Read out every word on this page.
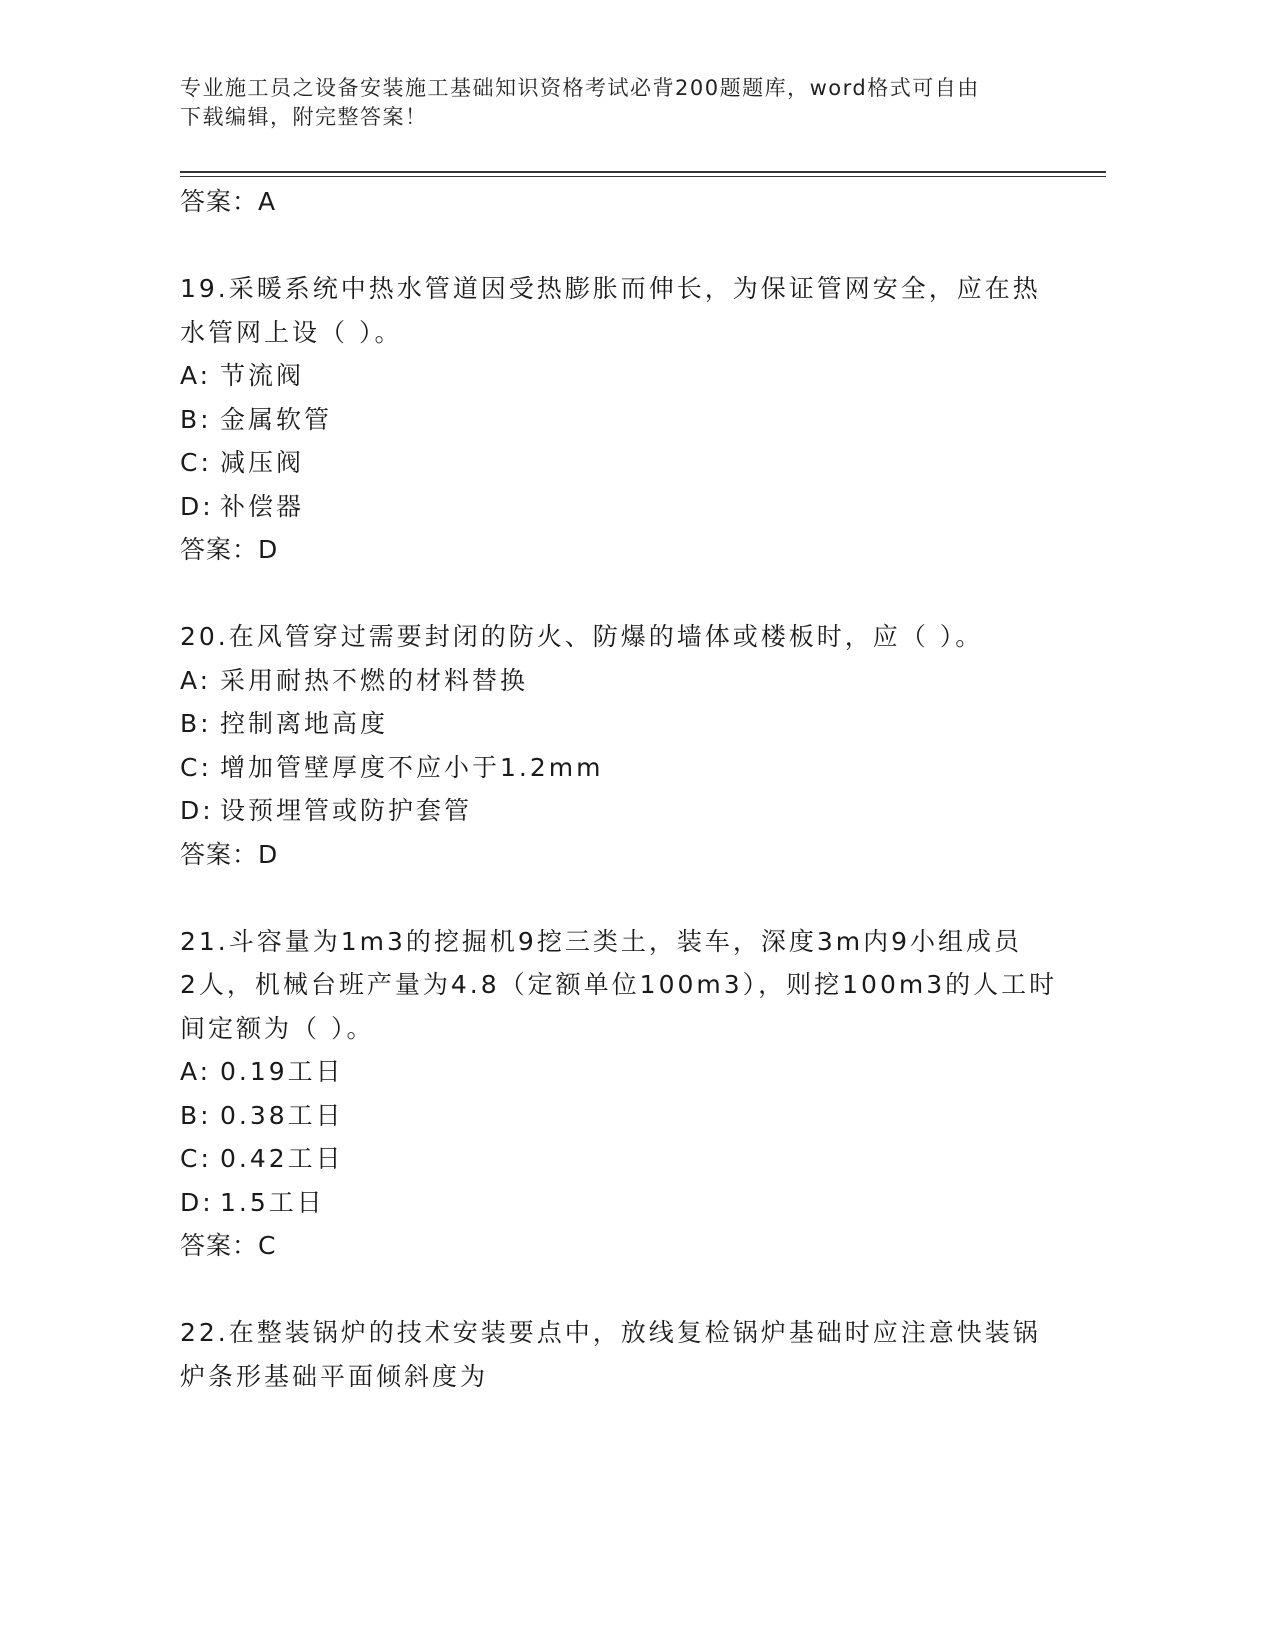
专业施工员之设备安装施工基础知识资格考试必背200题题库，word格式可自由
下载编辑，附完整答案！
答案：A
19.采暖系统中热水管道因受热膨胀而伸长，为保证管网安全，应在热
水管网上设（ ）。
A: 节流阀
B: 金属软管
C: 减压阀
D: 补偿器
答案：D
20.在风管穿过需要封闭的防火、防爆的墙体或楼板时，应（ ）。
A: 采用耐热不燃的材料替换
B: 控制离地高度
C: 增加管壁厚度不应小于1.2mm
D: 设预埋管或防护套管
答案：D
21.斗容量为1m3的挖掘机9挖三类土，装车，深度3m内9小组成员
2人，机械台班产量为4.8（定额单位100m3），则挖100m3的人工时
间定额为（ ）。
A: 0.19工日
B: 0.38工日
C: 0.42工日
D: 1.5工日
答案：C
22.在整装锅炉的技术安装要点中，放线复检锅炉基础时应注意快装锅
炉条形基础平面倾斜度为
